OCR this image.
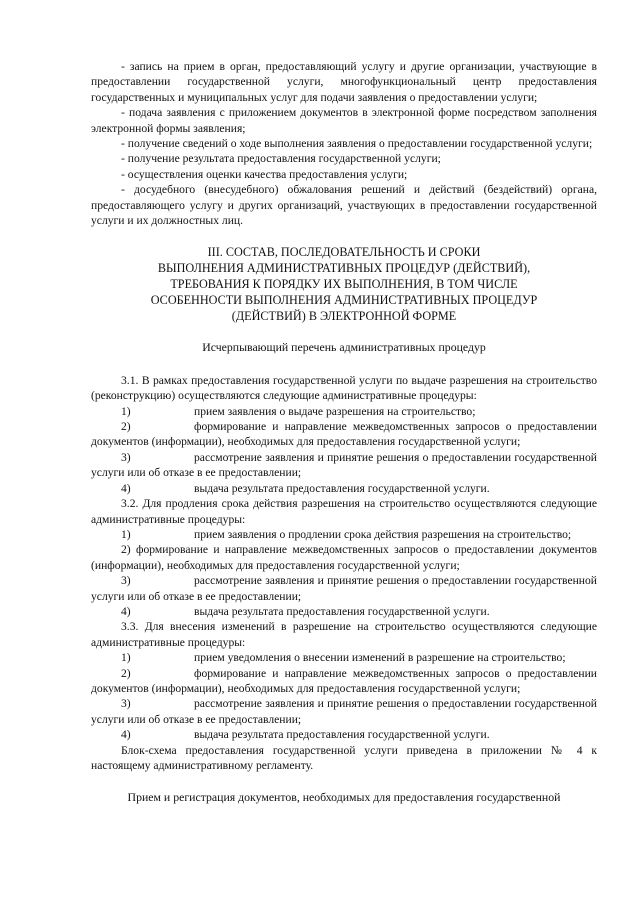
- запись на прием в орган, предоставляющий услугу и другие организации, участвующие в предоставлении государственной услуги, многофункциональный центр предоставления государственных и муниципальных услуг для подачи заявления о предоставлении услуги;

- подача заявления с приложением документов в электронной форме посредством заполнения электронной формы заявления;

- получение сведений о ходе выполнения заявления о предоставлении государственной услуги;

- получение результата предоставления государственной услуги;

- осуществления оценки качества предоставления услуги;

- досудебного (внесудебного) обжалования решений и действий (бездействий) органа, предоставляющего услугу и других организаций, участвующих в предоставлении государственной услуги и их должностных лиц.

III. СОСТАВ, ПОСЛЕДОВАТЕЛЬНОСТЬ И СРОКИ
ВЫПОЛНЕНИЯ АДМИНИСТРАТИВНЫХ ПРОЦЕДУР (ДЕЙСТВИЙ),
ТРЕБОВАНИЯ К ПОРЯДКУ ИХ ВЫПОЛНЕНИЯ, В ТОМ ЧИСЛЕ
ОСОБЕННОСТИ ВЫПОЛНЕНИЯ АДМИНИСТРАТИВНЫХ ПРОЦЕДУР
(ДЕЙСТВИЙ) В ЭЛЕКТРОННОЙ ФОРМЕ

Исчерпывающий перечень административных процедур

3.1. В рамках предоставления государственной услуги по выдаче разрешения на строительство (реконструкцию) осуществляются следующие административные процедуры:

1)	прием заявления о выдаче разрешения на строительство;

2)	формирование и направление межведомственных запросов о предоставлении документов (информации), необходимых для предоставления государственной услуги;

3)	рассмотрение заявления и принятие решения о предоставлении государственной услуги или об отказе в ее предоставлении;

4)	выдача результата предоставления государственной услуги.

3.2. Для продления срока действия разрешения на строительство осуществляются следующие административные процедуры:

1)	прием заявления о продлении срока действия разрешения на строительство;

2) формирование и направление межведомственных запросов о предоставлении документов (информации), необходимых для предоставления государственной услуги;

3)	рассмотрение заявления и принятие решения о предоставлении государственной услуги или об отказе в ее предоставлении;

4)	выдача результата предоставления государственной услуги.

3.3. Для внесения изменений в разрешение на строительство осуществляются следующие административные процедуры:

1)	прием уведомления о внесении изменений в разрешение на строительство;

2)	формирование и направление межведомственных запросов о предоставлении документов (информации), необходимых для предоставления государственной услуги;

3)	рассмотрение заявления и принятие решения о предоставлении государственной услуги или об отказе в ее предоставлении;

4)	выдача результата предоставления государственной услуги.

Блок-схема предоставления государственной услуги приведена в приложении № 4 к настоящему административному регламенту.

Прием и регистрация документов, необходимых для предоставления государственной
